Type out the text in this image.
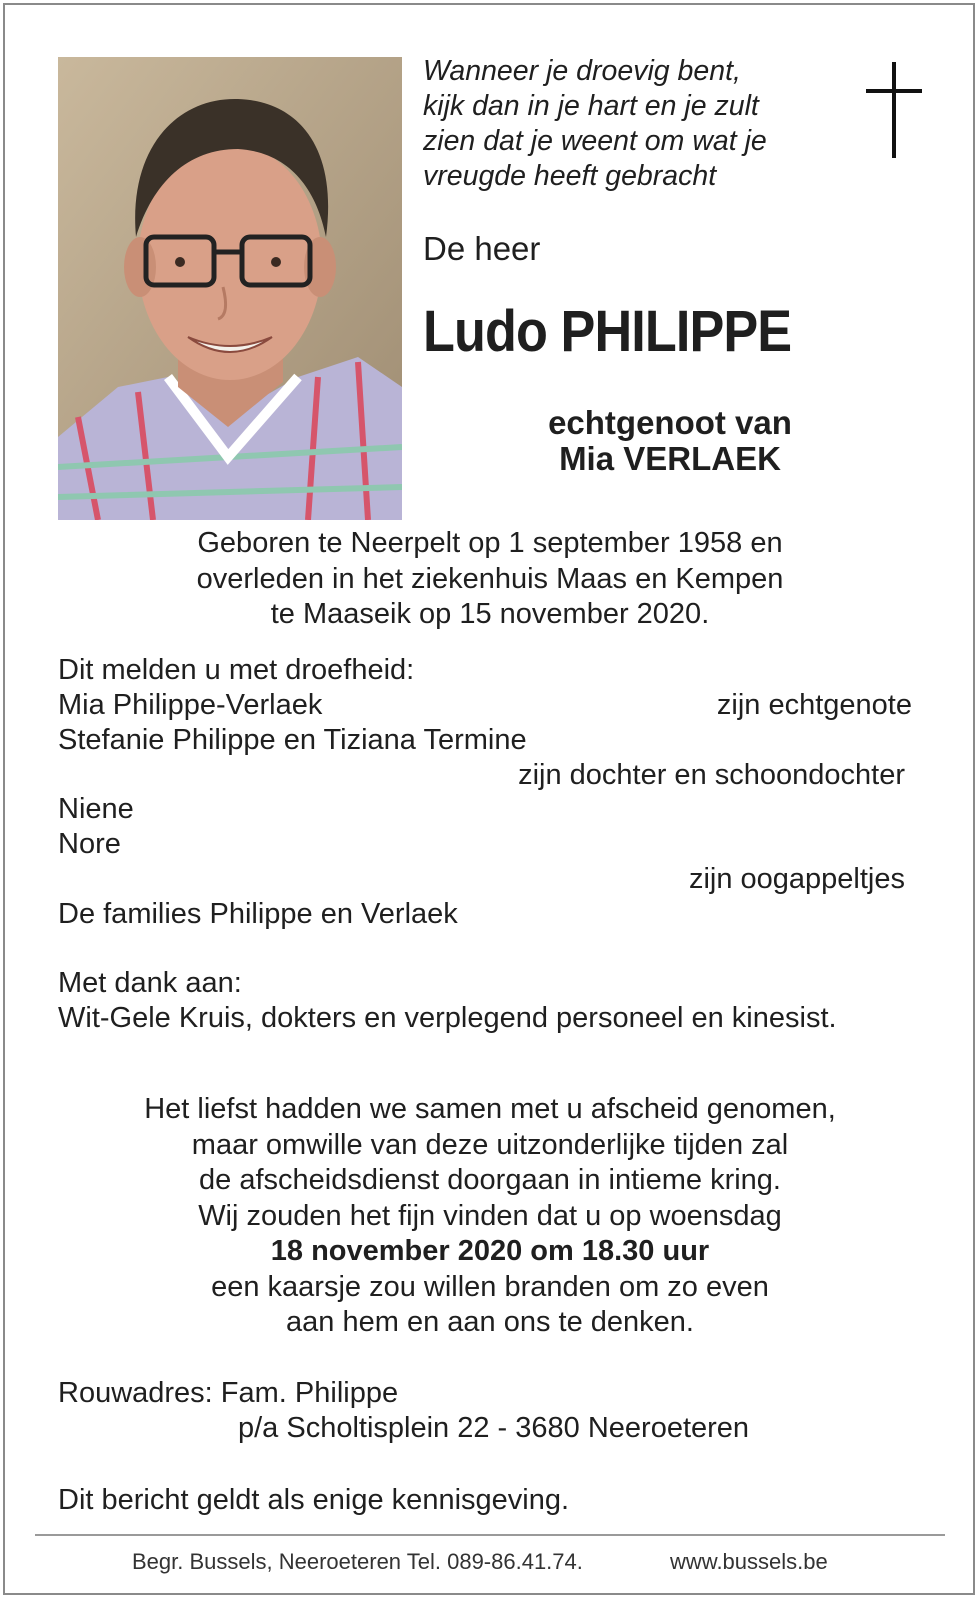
Wanneer je droevig bent,
kijk dan in je hart en je zult
zien dat je weent om wat je
vreugde heeft gebracht
De heer
Ludo PHILIPPE
echtgenoot van
Mia VERLAEK
Geboren te Neerpelt op 1 september 1958 en
overleden in het ziekenhuis Maas en Kempen
te Maaseik op 15 november 2020.
Dit melden u met droefheid:
Mia Philippe-Verlaek	zijn echtgenote
Stefanie Philippe en Tiziana Termine
zijn dochter en schoondochter
Niene
Nore
zijn oogappeltjes
De families Philippe en Verlaek
Met dank aan:
Wit-Gele Kruis, dokters en verplegend personeel en kinesist.
Het liefst hadden we samen met u afscheid genomen,
maar omwille van deze uitzonderlijke tijden zal
de afscheidsdienst doorgaan in intieme kring.
Wij zouden het fijn vinden dat u op woensdag
18 november 2020 om 18.30 uur
een kaarsje zou willen branden om zo even
aan hem en aan ons te denken.
Rouwadres: Fam. Philippe
p/a Scholtisplein 22 - 3680 Neeroeteren
Dit bericht geldt als enige kennisgeving.
Begr. Bussels, Neeroeteren Tel. 089-86.41.74.	www.bussels.be
